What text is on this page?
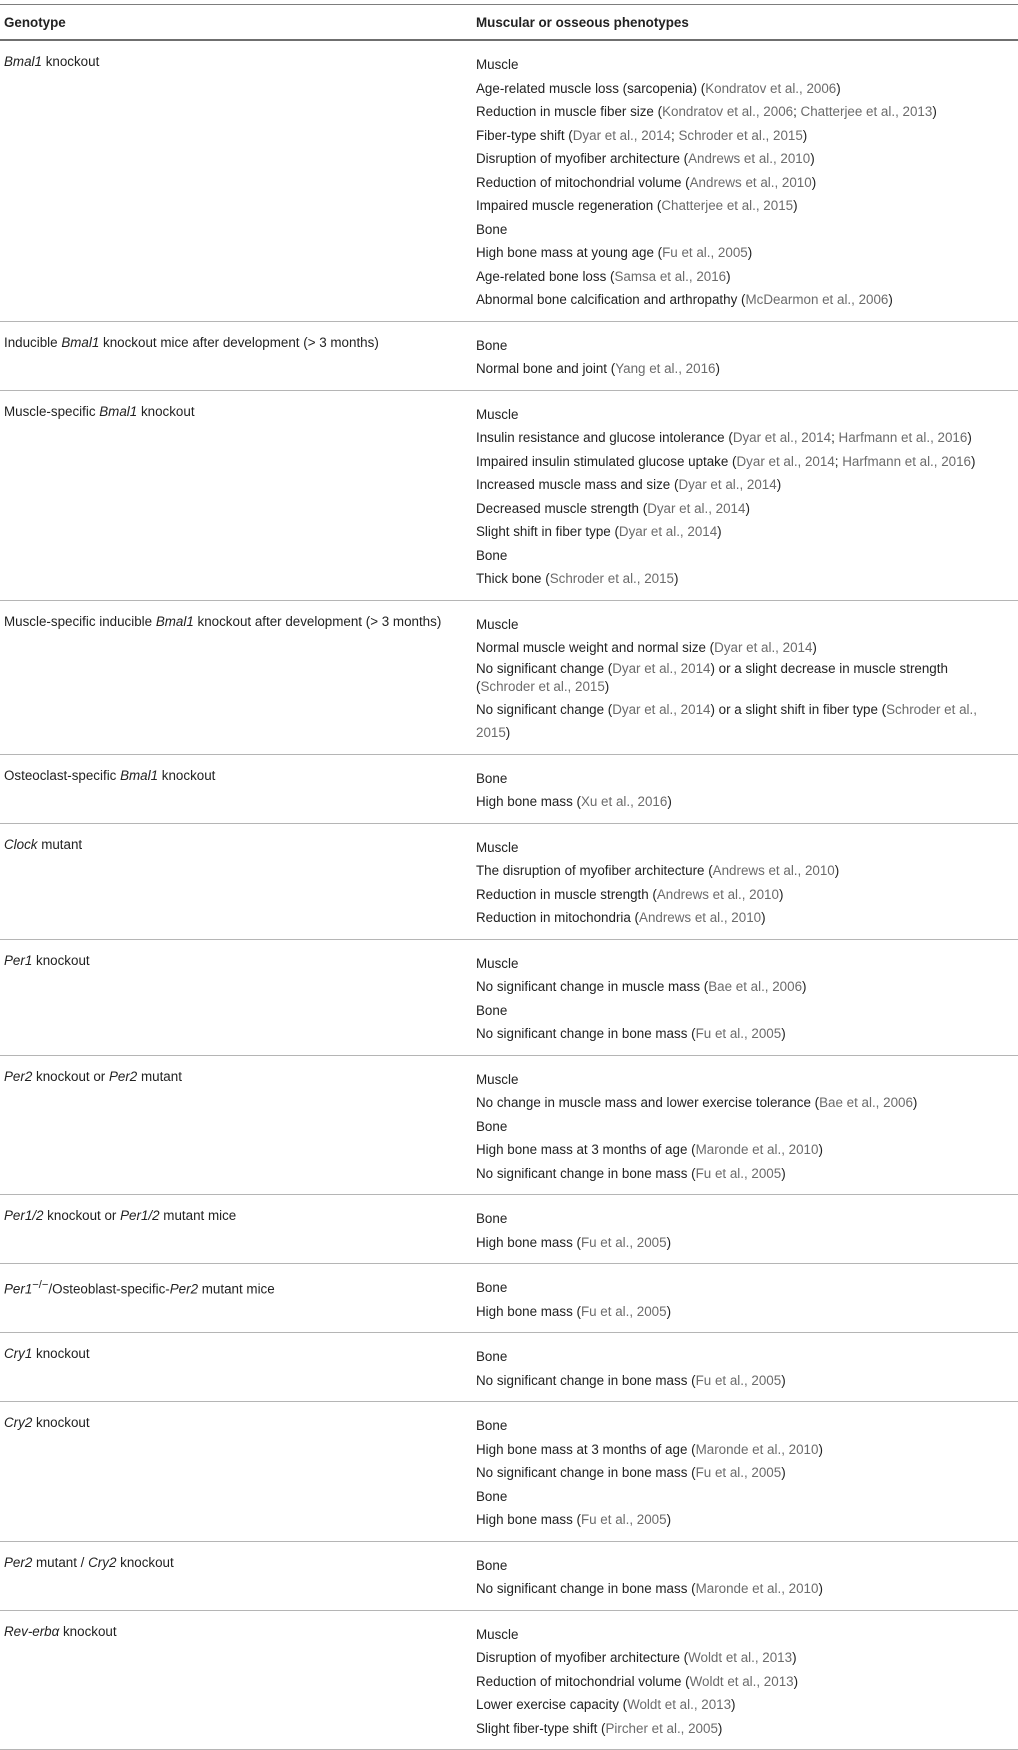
Genotype	Muscular or osseous phenotypes
Bmal1 knockout	Muscle
Age-related muscle loss (sarcopenia) (Kondratov et al., 2006)
Reduction in muscle fiber size (Kondratov et al., 2006; Chatterjee et al., 2013)
Fiber-type shift (Dyar et al., 2014; Schroder et al., 2015)
Disruption of myofiber architecture (Andrews et al., 2010)
Reduction of mitochondrial volume (Andrews et al., 2010)
Impaired muscle regeneration (Chatterjee et al., 2015)
Bone
High bone mass at young age (Fu et al., 2005)
Age-related bone loss (Samsa et al., 2016)
Abnormal bone calcification and arthropathy (McDearmon et al., 2006)
Inducible Bmal1 knockout mice after development (> 3 months)	Bone
Normal bone and joint (Yang et al., 2016)
Muscle-specific Bmal1 knockout	Muscle
Insulin resistance and glucose intolerance (Dyar et al., 2014; Harfmann et al., 2016)
Impaired insulin stimulated glucose uptake (Dyar et al., 2014; Harfmann et al., 2016)
Increased muscle mass and size (Dyar et al., 2014)
Decreased muscle strength (Dyar et al., 2014)
Slight shift in fiber type (Dyar et al., 2014)
Bone
Thick bone (Schroder et al., 2015)
Muscle-specific inducible Bmal1 knockout after development (> 3 months)	Muscle
Normal muscle weight and normal size (Dyar et al., 2014)
No significant change (Dyar et al., 2014) or a slight decrease in muscle strength (Schroder et al., 2015)
No significant change (Dyar et al., 2014) or a slight shift in fiber type (Schroder et al., 2015)
Osteoclast-specific Bmal1 knockout	Bone
High bone mass (Xu et al., 2016)
Clock mutant	Muscle
The disruption of myofiber architecture (Andrews et al., 2010)
Reduction in muscle strength (Andrews et al., 2010)
Reduction in mitochondria (Andrews et al., 2010)
Per1 knockout	Muscle
No significant change in muscle mass (Bae et al., 2006)
Bone
No significant change in bone mass (Fu et al., 2005)
Per2 knockout or Per2 mutant	Muscle
No change in muscle mass and lower exercise tolerance (Bae et al., 2006)
Bone
High bone mass at 3 months of age (Maronde et al., 2010)
No significant change in bone mass (Fu et al., 2005)
Per1/2 knockout or Per1/2 mutant mice	Bone
High bone mass (Fu et al., 2005)
Per1−/−/Osteoblast-specific-Per2 mutant mice	Bone
High bone mass (Fu et al., 2005)
Cry1 knockout	Bone
No significant change in bone mass (Fu et al., 2005)
Cry2 knockout	Bone
High bone mass at 3 months of age (Maronde et al., 2010)
No significant change in bone mass (Fu et al., 2005)
Bone
High bone mass (Fu et al., 2005)
Per2 mutant / Cry2 knockout	Bone
No significant change in bone mass (Maronde et al., 2010)
Rev-erbα knockout	Muscle
Disruption of myofiber architecture (Woldt et al., 2013)
Reduction of mitochondrial volume (Woldt et al., 2013)
Lower exercise capacity (Woldt et al., 2013)
Slight fiber-type shift (Pircher et al., 2005)
